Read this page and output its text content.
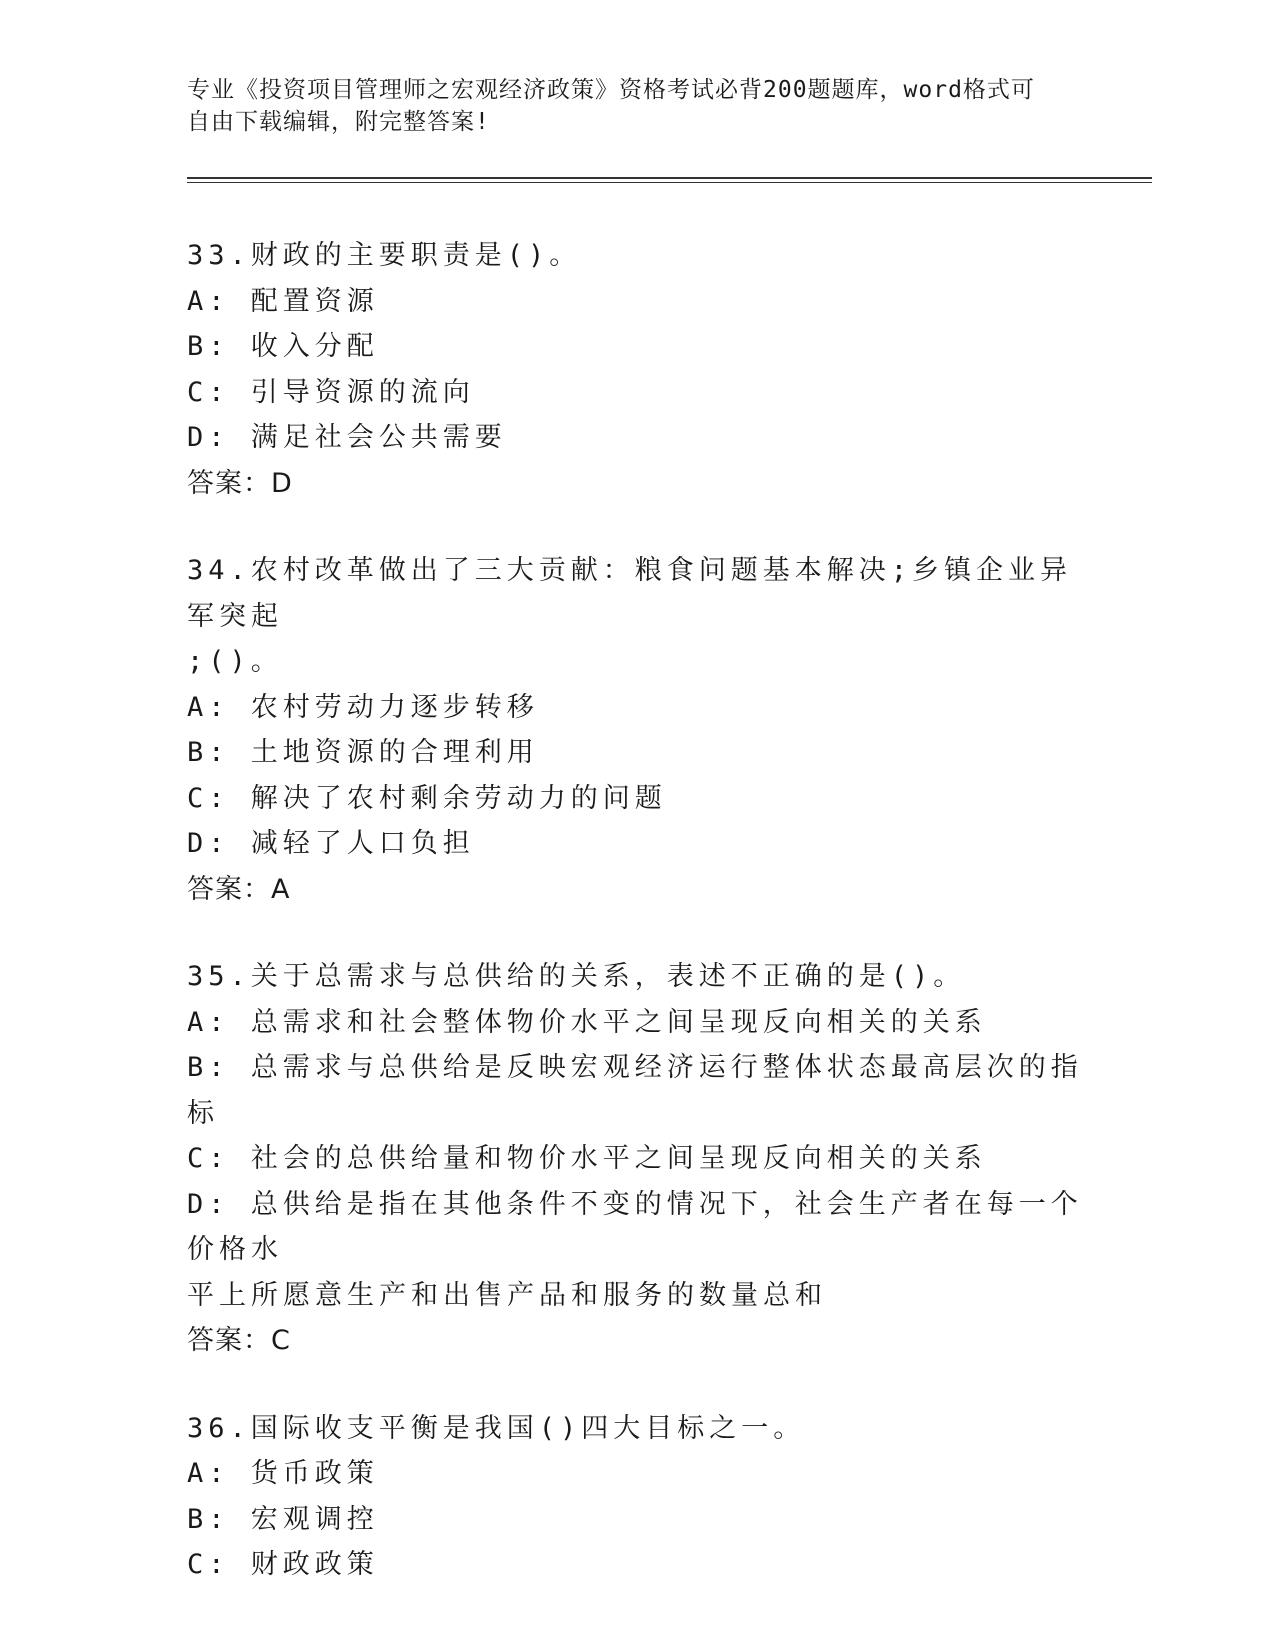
专业《投资项目管理师之宏观经济政策》资格考试必背200题题库，word格式可
自由下载编辑，附完整答案!
33.财政的主要职责是()。
A: 配置资源
B: 收入分配
C: 引导资源的流向
D: 满足社会公共需要
答案：D
34.农村改革做出了三大贡献：粮食问题基本解决;乡镇企业异军突起
;()。
A: 农村劳动力逐步转移
B: 土地资源的合理利用
C: 解决了农村剩余劳动力的问题
D: 减轻了人口负担
答案：A
35.关于总需求与总供给的关系，表述不正确的是()。
A: 总需求和社会整体物价水平之间呈现反向相关的关系
B: 总需求与总供给是反映宏观经济运行整体状态最高层次的指标
C: 社会的总供给量和物价水平之间呈现反向相关的关系
D: 总供给是指在其他条件不变的情况下，社会生产者在每一个价格水
平上所愿意生产和出售产品和服务的数量总和
答案：C
36.国际收支平衡是我国()四大目标之一。
A: 货币政策
B: 宏观调控
C: 财政政策
